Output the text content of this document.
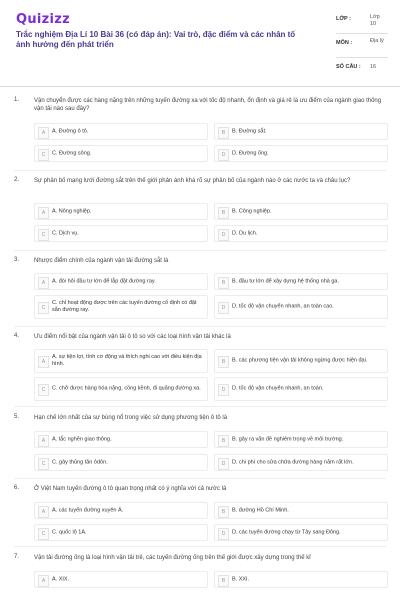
Quizizz
Trắc nghiệm Địa Lí 10 Bài 36 (có đáp án): Vai trò, đặc điểm và các nhân tố ảnh hưởng đến phát triển
LỚP :	Lớp 10
MÔN :	Địa lý
SỐ CÂU : 16
1. Vận chuyển được các hàng nặng trên những tuyến đường xa với tốc độ nhanh, ổn định và giá rẻ là ưu điểm của ngành giao thông vận tải nào sau đây?
A	A. Đường ô tô.	B	B. Đường sắt.
C	C. Đường sông.	D	D. Đường ống.
2. Sự phân bố mạng lưới đường sắt trên thế giới phản ánh khá rõ sự phân bố của ngành nào ở các nước ta và châu lục?
A	A. Nông nghiệp.	B	B. Công nghiệp.
C	C. Dịch vụ.	D	D. Du lịch.
3. Nhược điểm chính của ngành vận tải đường sắt là
A	A. đòi hỏi đầu tư lớn để lắp đặt đường ray.	B	B. đầu tư lớn để xây dựng hệ thống nhà ga.
C
C. chỉ hoạt động được trên các tuyến đường cố định có đặt sẵn đường ray.	D	D. tốc độ vận chuyển nhanh, an toàn cao.
4. Ưu điểm nổi bật của ngành vận tải ô tô so với các loại hình vận tải khác là
A
A. sự tiện lợi, tính cơ động và thích nghi cao với điều kiện địa hình.	B	B. các phương tiện vận tải không ngừng được hiện đại.
C	C. chở được hàng hóa nặng, cồng kềnh, đi quãng đường xa.	D	D. tốc độ vận chuyển nhanh, an toàn.
5. Hạn chế lớn nhất của sự bùng nổ trong việc sử dụng phương tiện ô tô là
A	A. tắc nghẽn giao thông.	B	B. gây ra vấn đề nghiêm trọng về môi trường.
C	C. gây thủng tần ôdôn.	D	D. chi phí cho sửa chữa đường hàng năm rất lớn.
6. Ở Việt Nam tuyến đường ô tô quan trọng nhất có ý nghĩa với cả nước là
A	A. các tuyến đường xuyên Á.	B	B. đường Hồ Chí Minh.
C	C. quốc lộ 1A.	D	D. các tuyến đường chạy từ Tây sang Đông.
7. Vận tải đường ống là loại hình vận tải trẻ, các tuyến đường ống trên thế giới được xây dựng trong thế kỉ
A	A. XIX.	B	B. XXI.
